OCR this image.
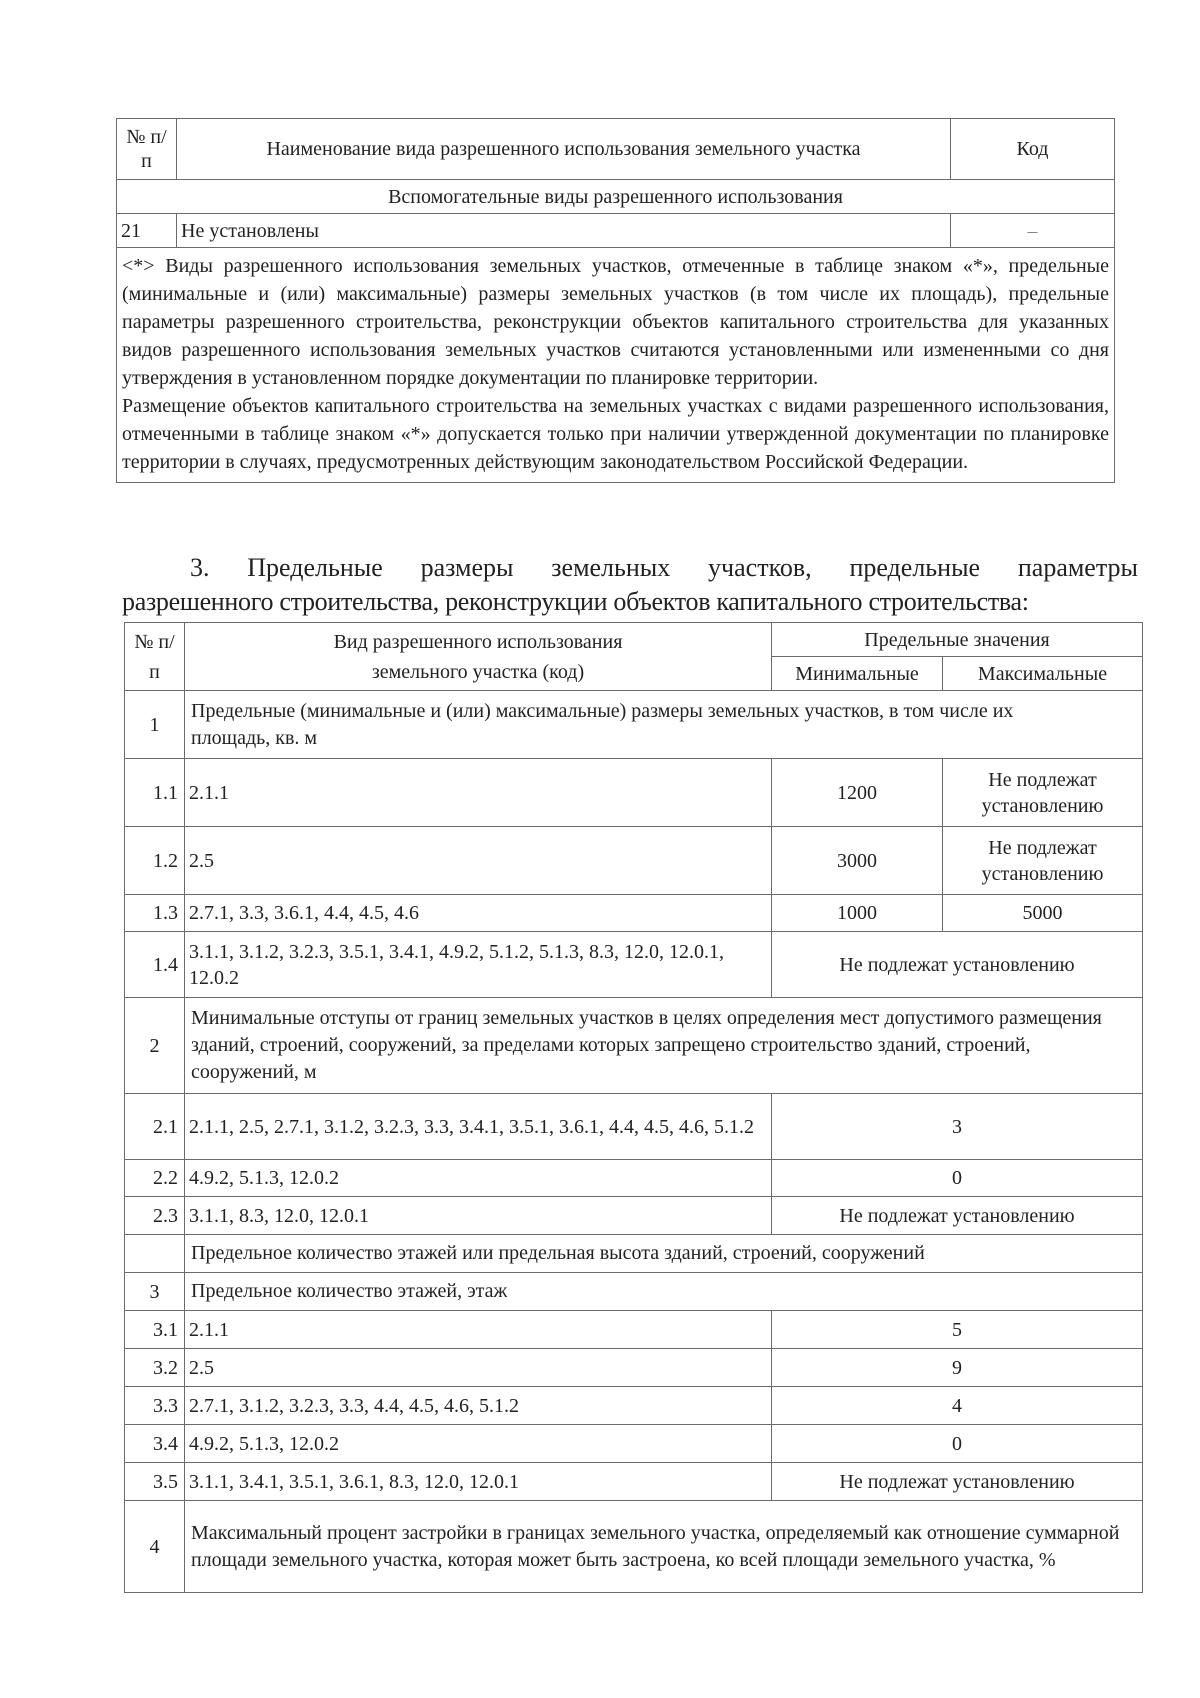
№ п/п	Наименование вида разрешенного использования земельного участка	Код
Вспомогательные виды разрешенного использования		
21	Не установлены	–

<*> Виды разрешенного использования земельных участков, отмеченные в таблице знаком «*», предельные (минимальные и (или) максимальные) размеры земельных участков (в том числе их площадь), предельные параметры разрешенного строительства, реконструкции объектов капитального строительства для указанных видов разрешенного использования земельных участков считаются установленными или измененными со дня утверждения в установленном порядке документации по планировке территории.

Размещение объектов капитального строительства на земельных участках с видами разрешенного использования, отмеченными в таблице знаком «*» допускается только при наличии утвержденной документации по планировке территории в случаях, предусмотренных действующим законодательством Российской Федерации.		

3. Предельные размеры земельных участков, предельные параметры
разрешенного строительства, реконструкции объектов капитального строительства:
№ п/п	Вид разрешенного использования земельного участка (код)	Предельные значения	
		Минимальные	Максимальные
1	Предельные (минимальные и (или) максимальные) размеры земельных участков, в том числе их площадь, кв. м		
1.1	2.1.1	1200	Не подлежат установлению
1.2	2.5	3000	Не подлежат установлению
1.3	2.7.1, 3.3, 3.6.1, 4.4, 4.5, 4.6	1000	5000
1.4	3.1.1, 3.1.2, 3.2.3, 3.5.1, 3.4.1, 4.9.2, 5.1.2, 5.1.3, 8.3, 12.0, 12.0.1, 12.0.2	Не подлежат установлению	
2	Минимальные отступы от границ земельных участков в целях определения мест допустимого размещения зданий, строений, сооружений, за пределами которых запрещено строительство зданий, строений, сооружений, м		
2.1	2.1.1, 2.5, 2.7.1, 3.1.2, 3.2.3, 3.3, 3.4.1, 3.5.1, 3.6.1, 4.4, 4.5, 4.6, 5.1.2	3	
2.2	4.9.2, 5.1.3, 12.0.2	0	
2.3	3.1.1, 8.3, 12.0, 12.0.1	Не подлежат установлению	
	Предельное количество этажей или предельная высота зданий, строений, сооружений		
3	Предельное количество этажей, этаж		
3.1	2.1.1	5	
3.2	2.5	9	
3.3	2.7.1, 3.1.2, 3.2.3, 3.3, 4.4, 4.5, 4.6, 5.1.2	4	
3.4	4.9.2, 5.1.3, 12.0.2	0	
3.5	3.1.1, 3.4.1, 3.5.1, 3.6.1, 8.3, 12.0, 12.0.1	Не подлежат установлению	
4	Максимальный процент застройки в границах земельного участка, определяемый как отношение суммарной площади земельного участка, которая может быть застроена, ко всей площади земельного участка, %		
